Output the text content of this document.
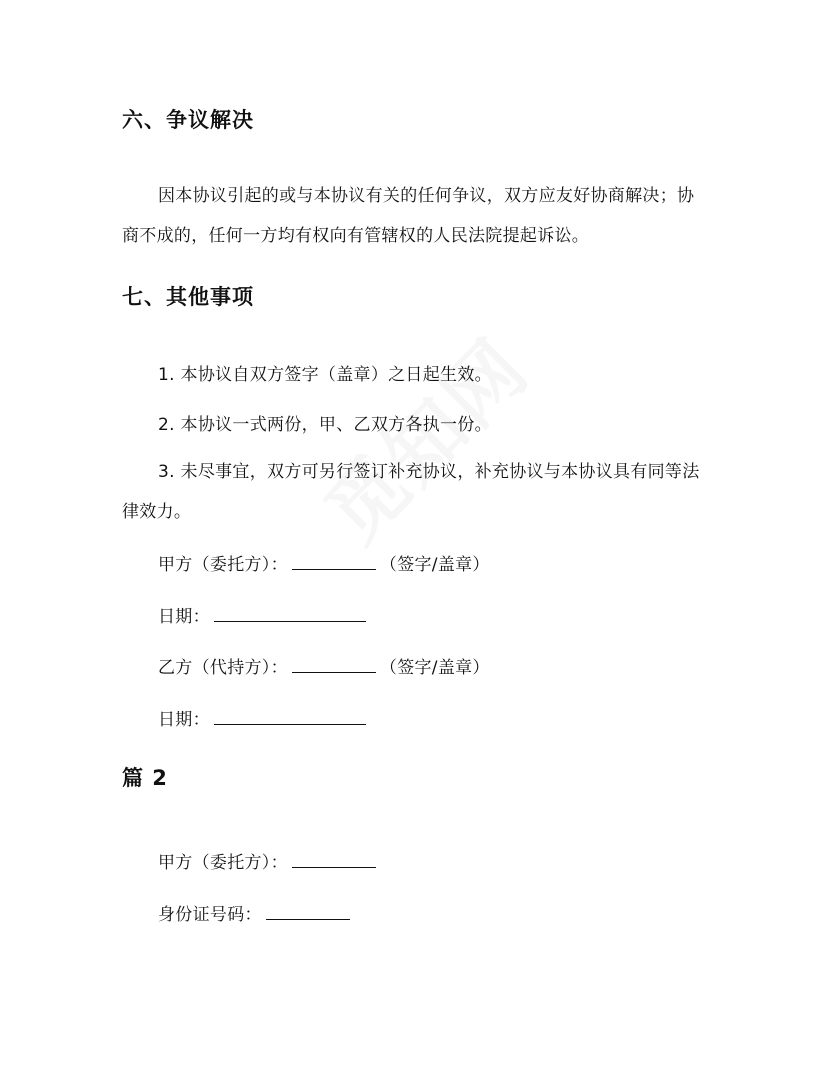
六、争议解决
因本协议引起的或与本协议有关的任何争议，双方应友好协商解决；协商不成的，任何一方均有权向有管辖权的人民法院提起诉讼。
七、其他事项
1. 本协议自双方签字（盖章）之日起生效。
2. 本协议一式两份，甲、乙双方各执一份。
3. 未尽事宜，双方可另行签订补充协议，补充协议与本协议具有同等法律效力。
甲方（委托方）：	（签字/盖章）
日期：
乙方（代持方）：	（签字/盖章）
日期：
篇 2
甲方（委托方）：
身份证号码：
